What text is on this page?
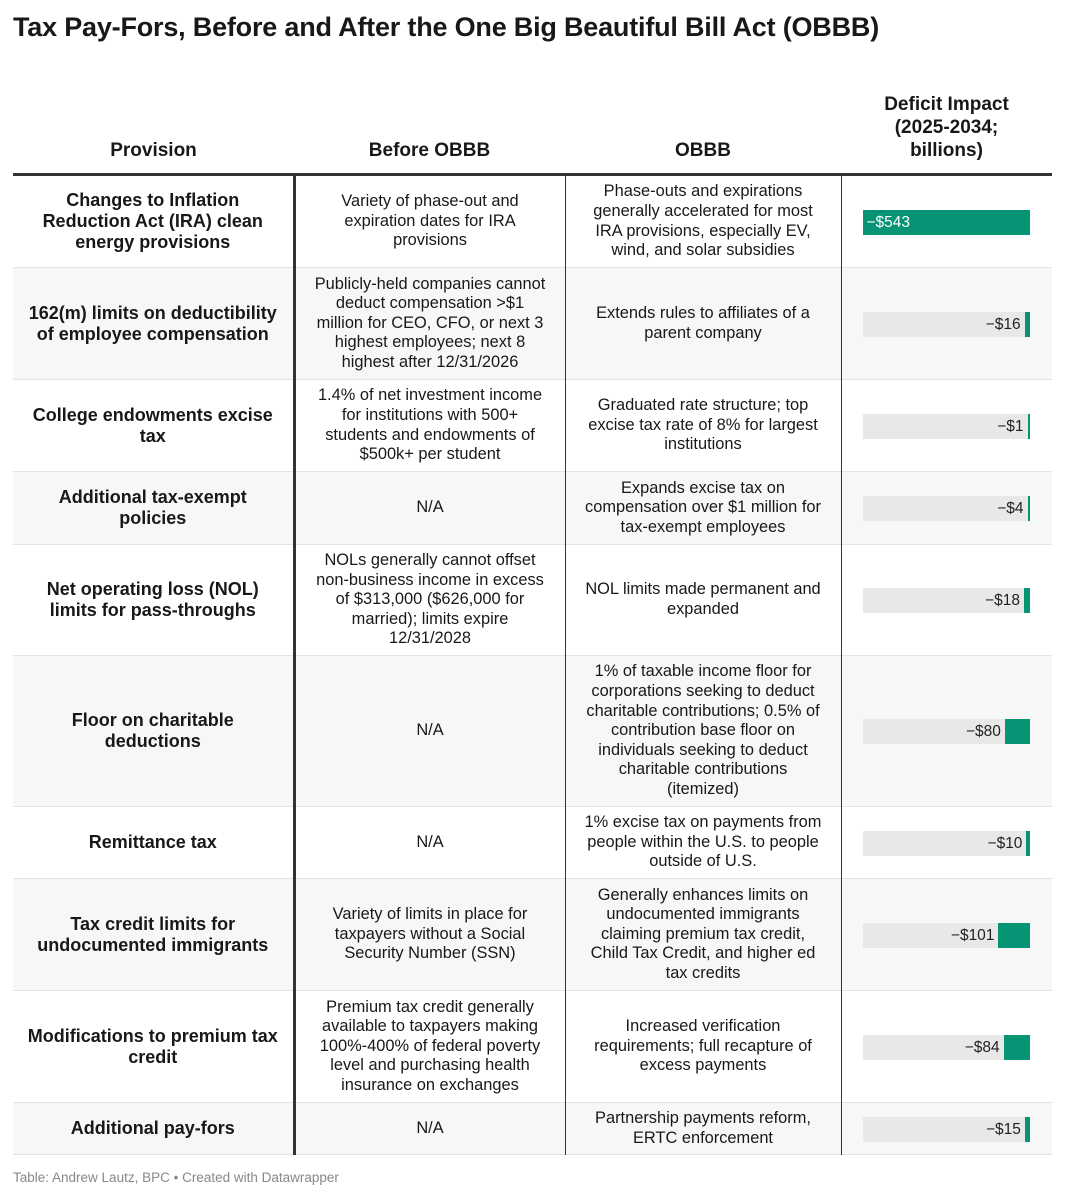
Tax Pay-Fors, Before and After the One Big Beautiful Bill Act (OBBB)
Provision	Before OBBB	OBBB	Deficit Impact (2025-2034; billions)
Changes to Inflation Reduction Act (IRA) clean energy provisions	Variety of phase-out and expiration dates for IRA provisions	Phase-outs and expirations generally accelerated for most IRA provisions, especially EV, wind, and solar subsidies	−$543

162(m) limits on deductibility of employee compensation	Publicly-held companies cannot deduct compensation >$1 million for CEO, CFO, or next 3 highest employees; next 8 highest after 12/31/2026	Extends rules to affiliates of a parent company	−$16

College endowments excise tax	1.4% of net investment income for institutions with 500+ students and endowments of $500k+ per student	Graduated rate structure; top excise tax rate of 8% for largest institutions	−$1

Additional tax-exempt policies	N/A	Expands excise tax on compensation over $1 million for tax-exempt employees	−$4

Net operating loss (NOL) limits for pass-throughs	NOLs generally cannot offset non-business income in excess of $313,000 ($626,000 for married); limits expire 12/31/2028	NOL limits made permanent and expanded	−$18

Floor on charitable deductions	N/A	1% of taxable income floor for corporations seeking to deduct charitable contributions; 0.5% of contribution base floor on individuals seeking to deduct charitable contributions (itemized)	−$80

Remittance tax	N/A	1% excise tax on payments from people within the U.S. to people outside of U.S.	−$10

Tax credit limits for undocumented immigrants	Variety of limits in place for taxpayers without a Social Security Number (SSN)	Generally enhances limits on undocumented immigrants claiming premium tax credit, Child Tax Credit, and higher ed tax credits	−$101

Modifications to premium tax credit	Premium tax credit generally available to taxpayers making 100%-400% of federal poverty level and purchasing health insurance on exchanges	Increased verification requirements; full recapture of excess payments	−$84

Additional pay-fors	N/A	Partnership payments reform, ERTC enforcement	−$15
Table: Andrew Lautz, BPC • Created with Datawrapper
